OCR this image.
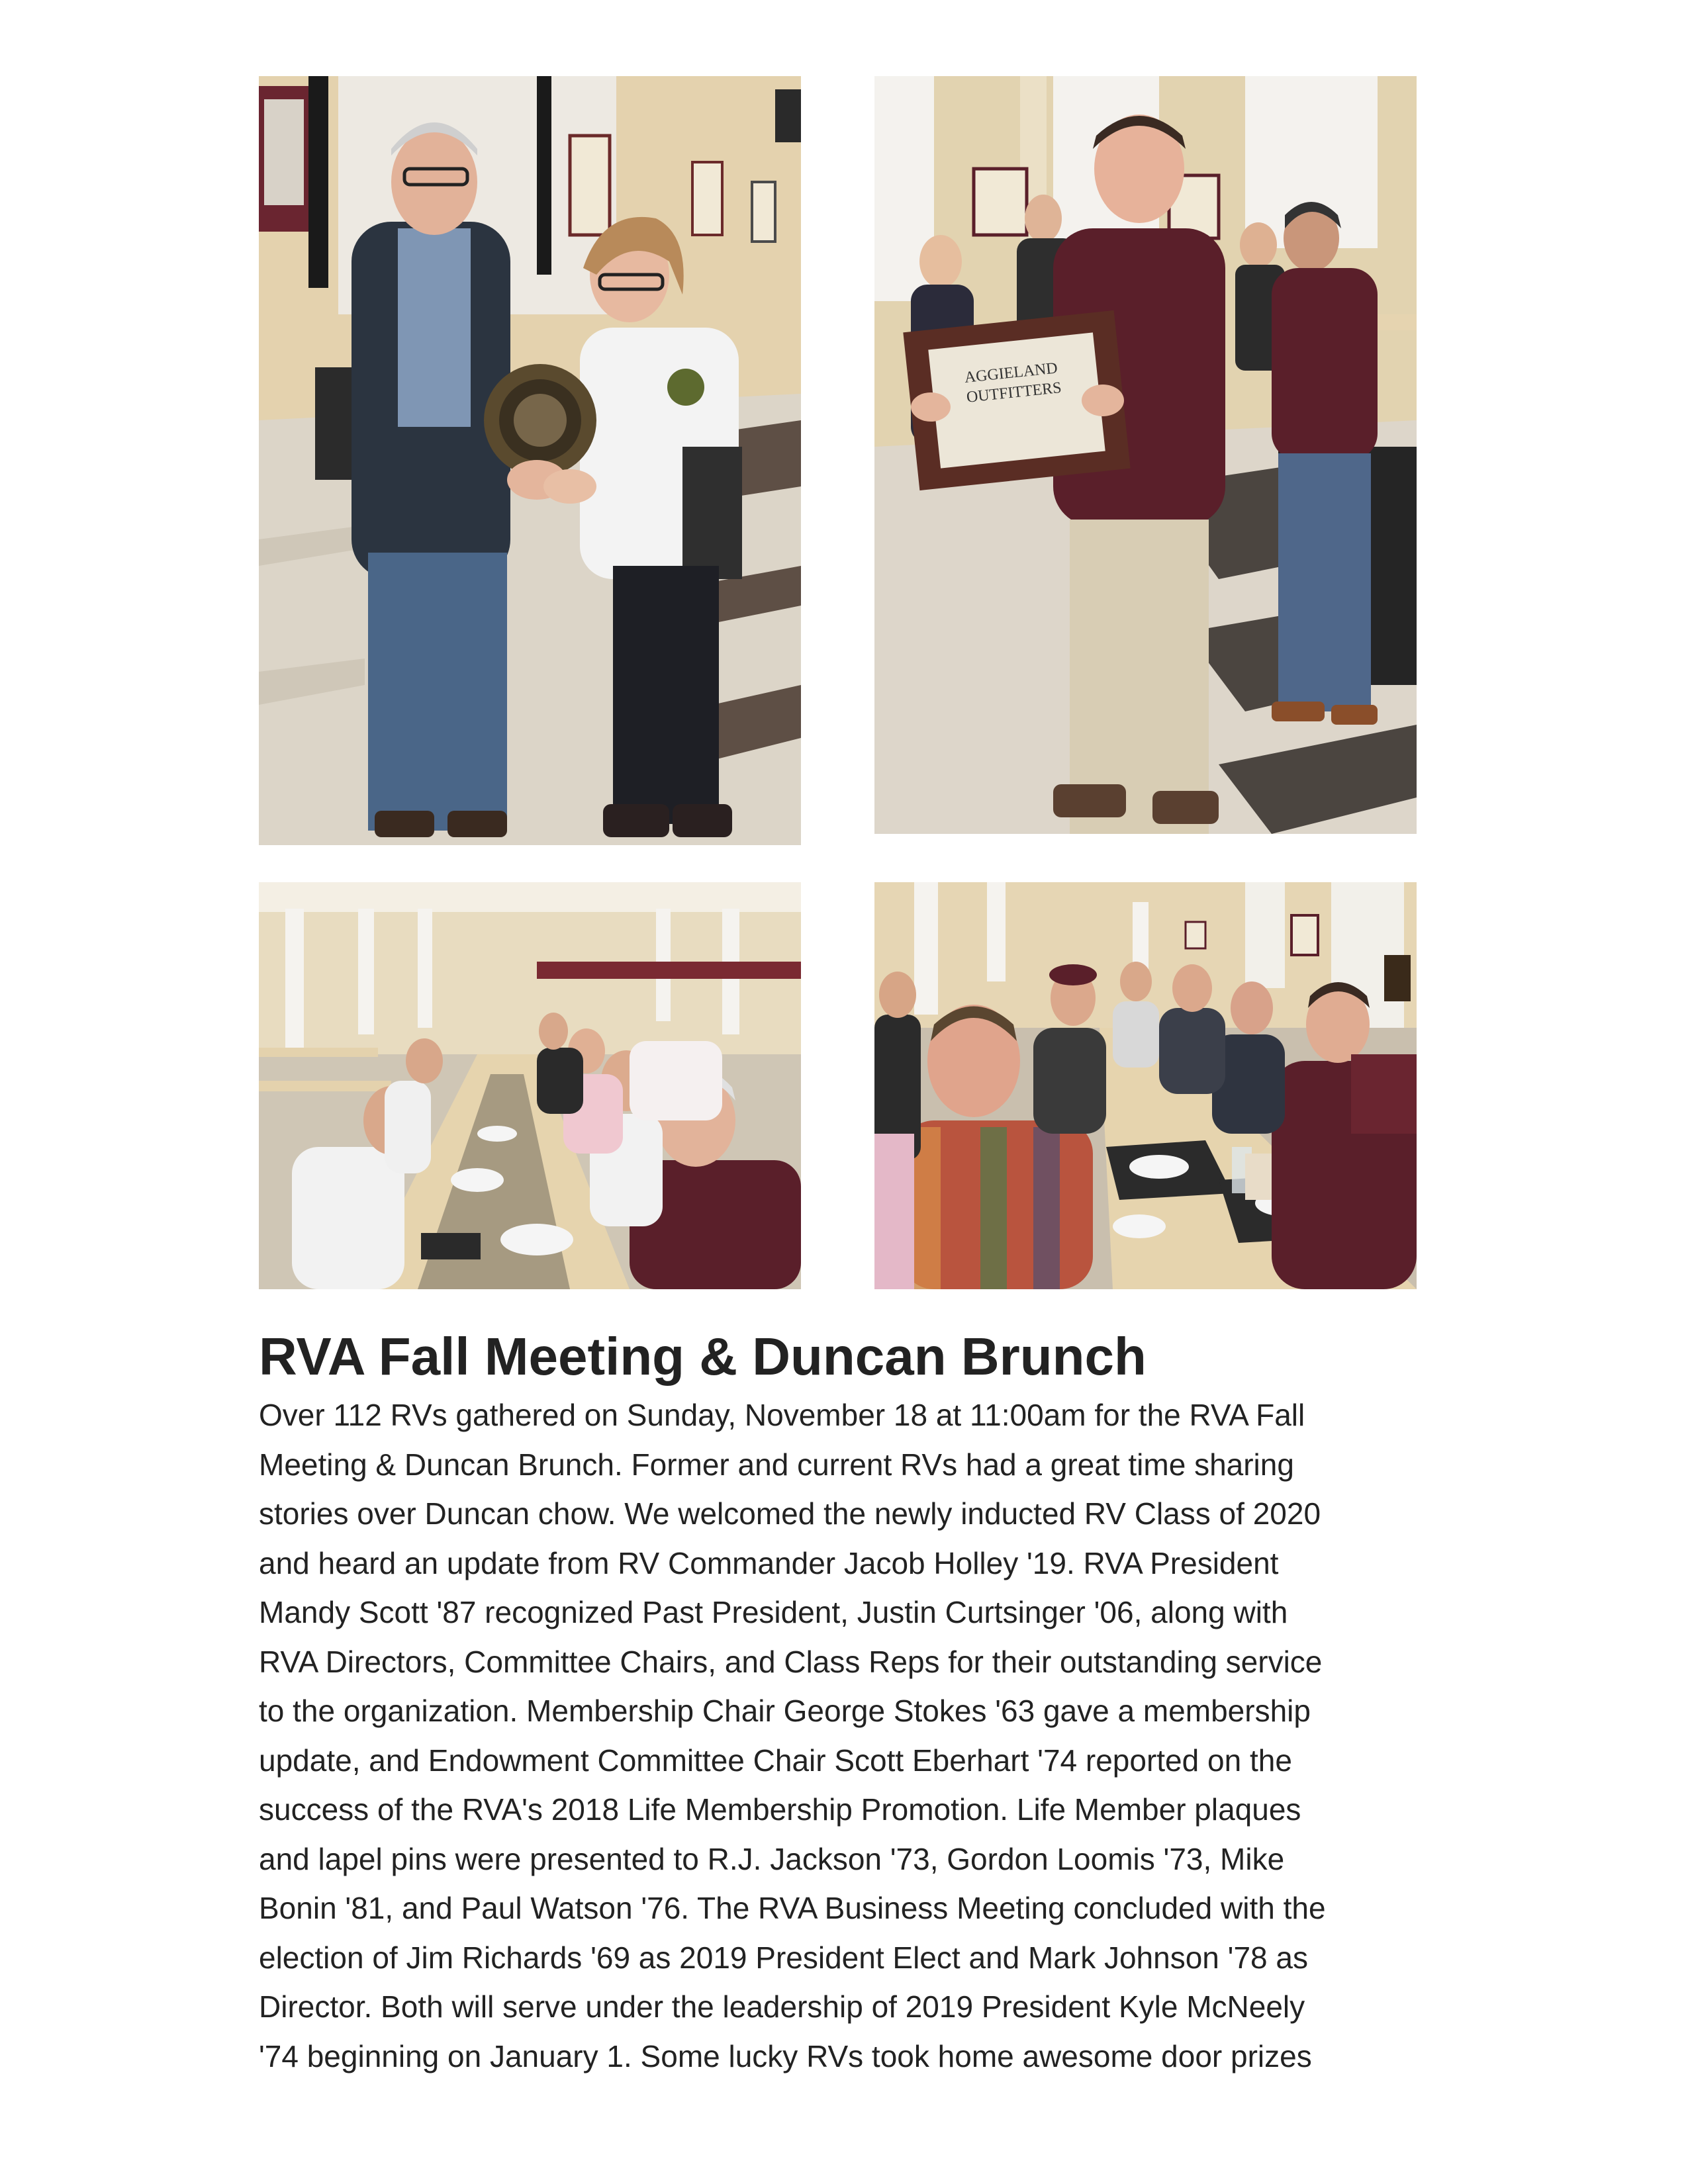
AGGIELAND
OUTFITTERS
RVA Fall Meeting & Duncan Brunch
Over 112 RVs gathered on Sunday, November 18 at 11:00am for the RVA Fall
Meeting & Duncan Brunch. Former and current RVs had a great time sharing
stories over Duncan chow. We welcomed the newly inducted RV Class of 2020
and heard an update from RV Commander Jacob Holley '19. RVA President
Mandy Scott '87 recognized Past President, Justin Curtsinger '06, along with
RVA Directors, Committee Chairs, and Class Reps for their outstanding service
to the organization. Membership Chair George Stokes '63 gave a membership
update, and Endowment Committee Chair Scott Eberhart '74 reported on the
success of the RVA's 2018 Life Membership Promotion. Life Member plaques
and lapel pins were presented to R.J. Jackson '73, Gordon Loomis '73, Mike
Bonin '81, and Paul Watson '76. The RVA Business Meeting concluded with the
election of Jim Richards '69 as 2019 President Elect and Mark Johnson '78 as
Director. Both will serve under the leadership of 2019 President Kyle McNeely
'74 beginning on January 1. Some lucky RVs took home awesome door prizes
